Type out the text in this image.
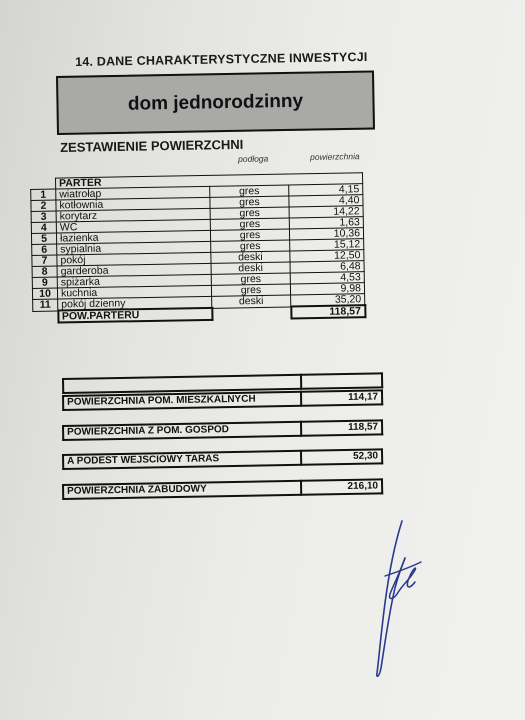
14. DANE CHARAKTERYSTYCZNE INWESTYCJI
dom jednorodzinny
ZESTAWIENIE POWIERZCHNI
podłoga	powierzchnia
	PARTER		
1	wiatrołap	gres	4,15
2	kotłownia	gres	4,40
3	korytarz	gres	14,22
4	WC	gres	1,63
5	łazienka	gres	10,36
6	sypialnia	gres	15,12
7	pokój	deski	12,50
8	garderoba	deski	6,48
9	spiżarka	gres	4,53
10	kuchnia	gres	9,98
11	pokój dzienny	deski	35,20
	POW.PARTERU		118,57

POWIERZCHNIA POM. MIESZKALNYCH	114,17
POWIERZCHNIA Z POM. GOSPOD	118,57
A PODEST WEJSCIOWY TARAS	52,30
POWIERZCHNIA ZABUDOWY	216,10
